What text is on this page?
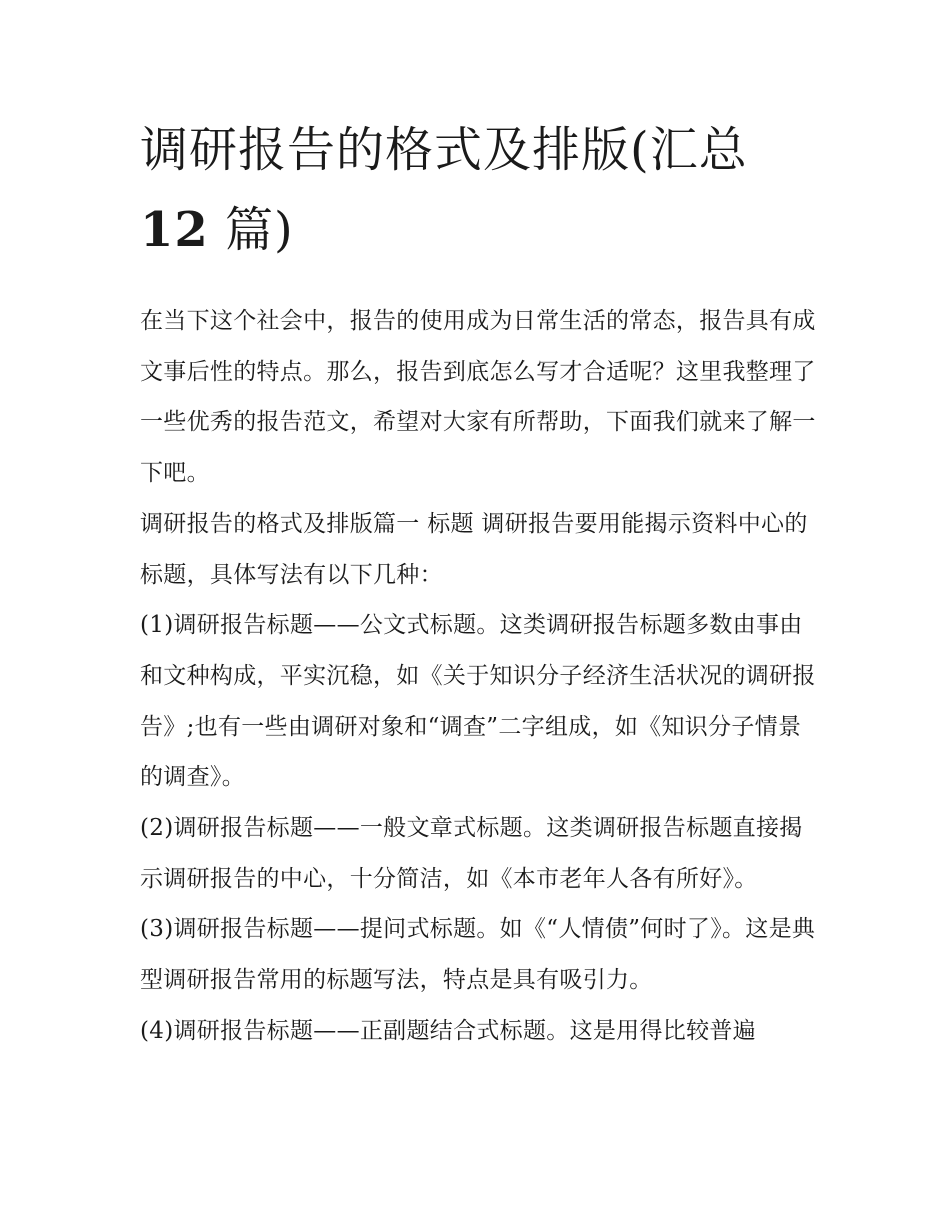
调研报告的格式及排版(汇总
12 篇)

在当下这个社会中，报告的使用成为日常生活的常态，报告具有成文事后性的特点。那么，报告到底怎么写才合适呢？这里我整理了一些优秀的报告范文，希望对大家有所帮助，下面我们就来了解一下吧。

调研报告的格式及排版篇一 标题 调研报告要用能揭示资料中心的标题，具体写法有以下几种：

(1)调研报告标题——公文式标题。这类调研报告标题多数由事由和文种构成，平实沉稳，如《关于知识分子经济生活状况的调研报告》;也有一些由调研对象和“调查”二字组成，如《知识分子情景的调查》。

(2)调研报告标题——一般文章式标题。这类调研报告标题直接揭示调研报告的中心，十分简洁，如《本市老年人各有所好》。

(3)调研报告标题——提问式标题。如《“人情债”何时了》。这是典型调研报告常用的标题写法，特点是具有吸引力。

(4)调研报告标题——正副题结合式标题。这是用得比较普遍
